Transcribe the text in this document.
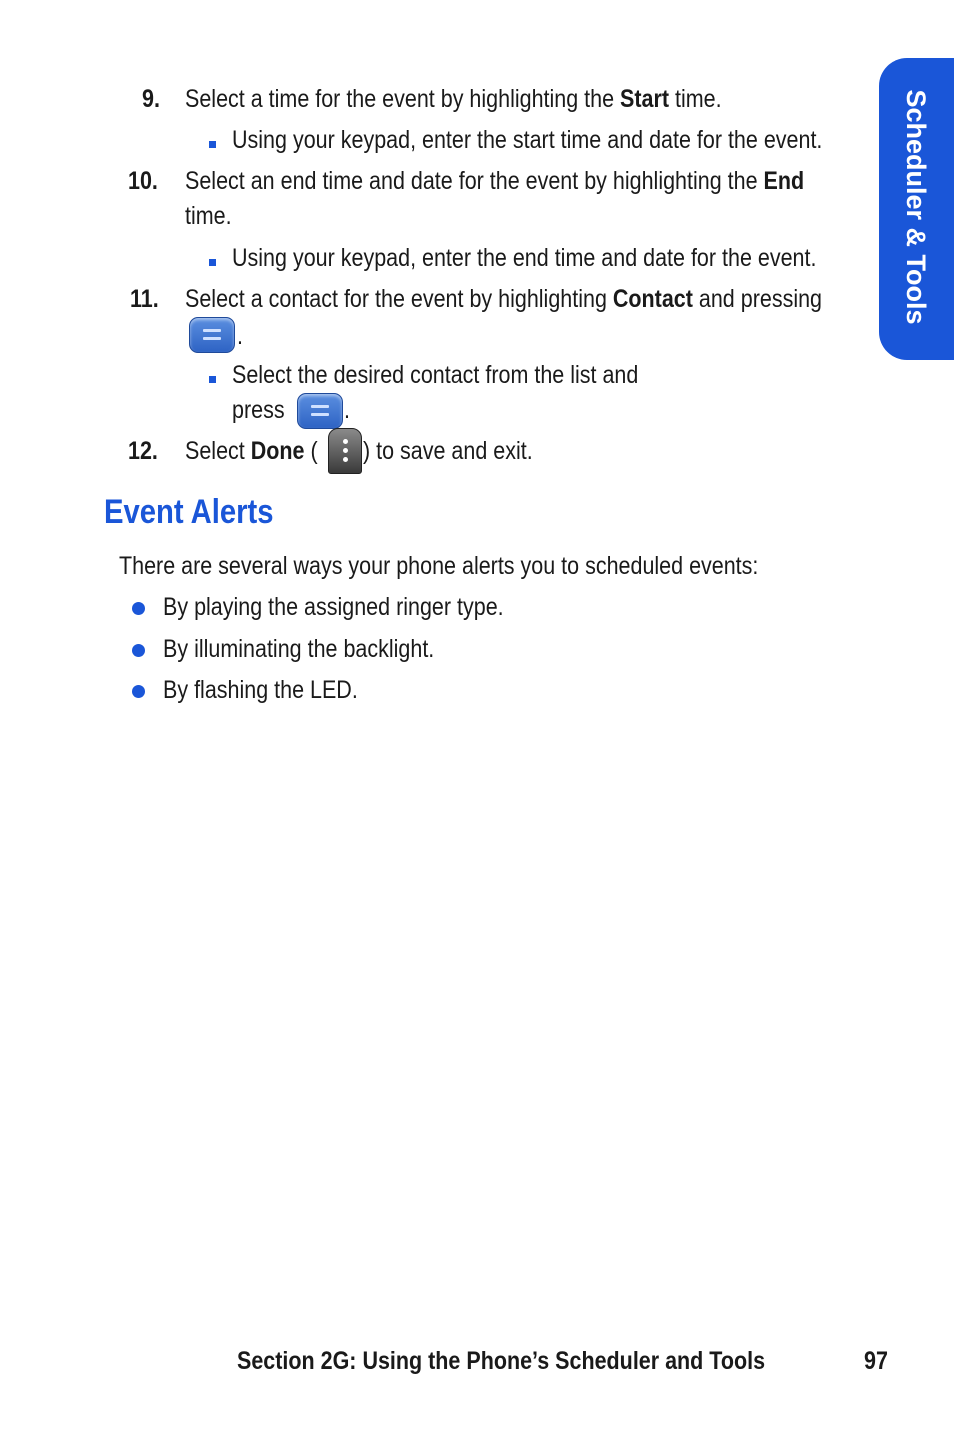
Scheduler & Tools
9. Select a time for the event by highlighting the Start time.
Using your keypad, enter the start time and date for the event.
10. Select an end time and date for the event by highlighting the End
time.
Using your keypad, enter the end time and date for the event.
11. Select a contact for the event by highlighting Contact and pressing
.
Select the desired contact from the list and
press	.
12. Select Done (	) to save and exit.
Event Alerts
There are several ways your phone alerts you to scheduled events:
By playing the assigned ringer type.
By illuminating the backlight.
By flashing the LED.
Section 2G: Using the Phone’s Scheduler and Tools	97
